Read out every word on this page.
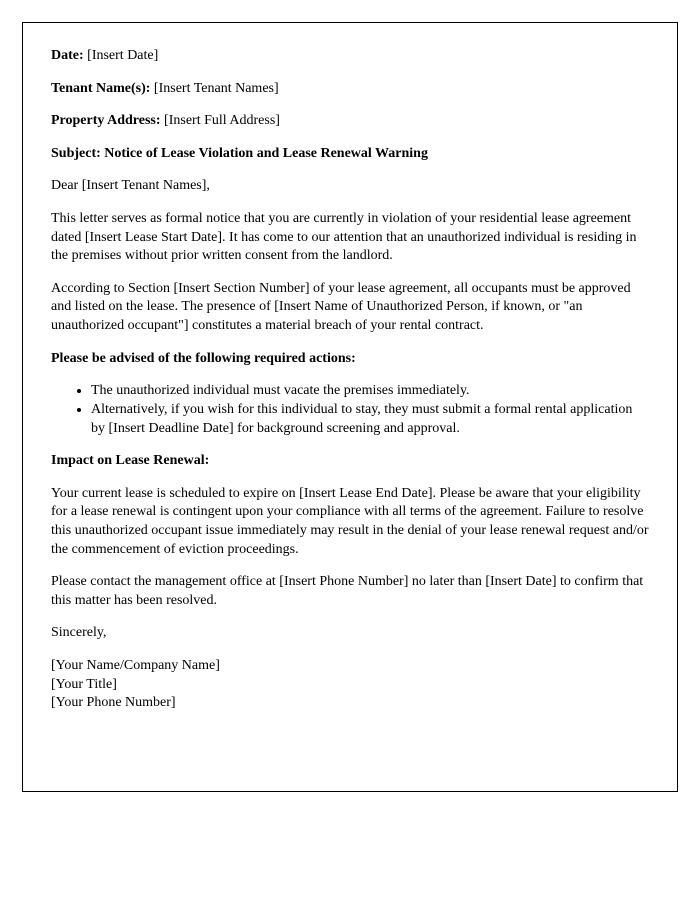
Date: [Insert Date]

Tenant Name(s): [Insert Tenant Names]

Property Address: [Insert Full Address]

Subject: Notice of Lease Violation and Lease Renewal Warning

Dear [Insert Tenant Names],

This letter serves as formal notice that you are currently in violation of your residential lease agreement dated [Insert Lease Start Date]. It has come to our attention that an unauthorized individual is residing in the premises without prior written consent from the landlord.

According to Section [Insert Section Number] of your lease agreement, all occupants must be approved and listed on the lease. The presence of [Insert Name of Unauthorized Person, if known, or "an unauthorized occupant"] constitutes a material breach of your rental contract.

Please be advised of the following required actions:

• The unauthorized individual must vacate the premises immediately.
• Alternatively, if you wish for this individual to stay, they must submit a formal rental application by [Insert Deadline Date] for background screening and approval.

Impact on Lease Renewal:

Your current lease is scheduled to expire on [Insert Lease End Date]. Please be aware that your eligibility for a lease renewal is contingent upon your compliance with all terms of the agreement. Failure to resolve this unauthorized occupant issue immediately may result in the denial of your lease renewal request and/or the commencement of eviction proceedings.

Please contact the management office at [Insert Phone Number] no later than [Insert Date] to confirm that this matter has been resolved.

Sincerely,

[Your Name/Company Name]
[Your Title]
[Your Phone Number]
